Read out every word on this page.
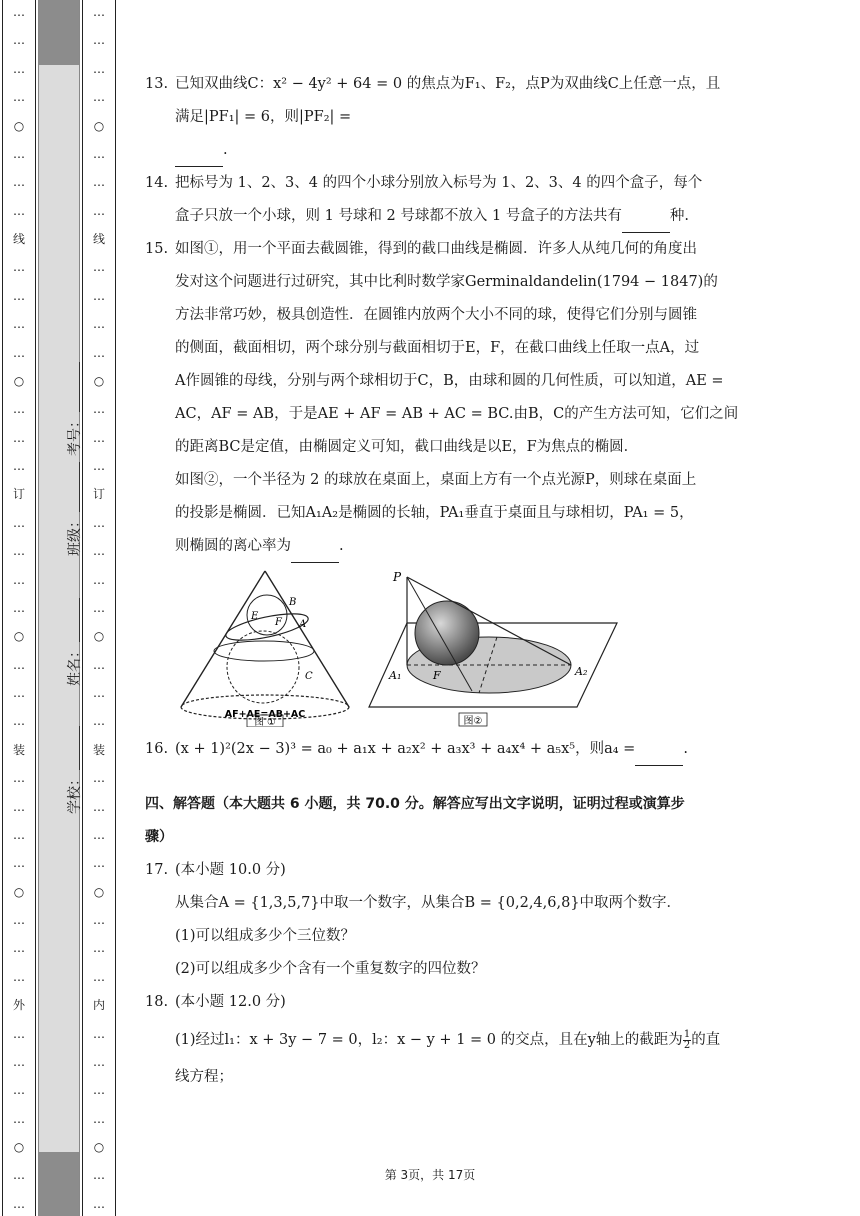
…
…
…
…
○
…
…
…
线
…
…
…
…
○
…
…
…
订
…
…
…
…
○
…
…
…
装
…
…
…
…
○
…
…
…
外
…
…
…
…
○
…
…
学校：
姓名：
班级：
考号：
…
…
…
…
○
…
…
…
线
…
…
…
…
○
…
…
…
订
…
…
…
…
○
…
…
…
装
…
…
…
…
○
…
…
…
内
…
…
…
…
○
…
…
13. 已知双曲线C：x² − 4y² + 64 = 0 的焦点为F₁、F₂，点P为双曲线C上任意一点，且
满足|PF₁| = 6，则|PF₂| =
.
14. 把标号为 1、2、3、4 的四个小球分别放入标号为 1、2、3、4 的四个盒子，每个
盒子只放一个小球，则 1 号球和 2 号球都不放入 1 号盒子的方法共有	种.
15. 如图①，用一个平面去截圆锥，得到的截口曲线是椭圆．许多人从纯几何的角度出
发对这个问题进行过研究，其中比利时数学家Germinaldandelin(1794 − 1847)的
方法非常巧妙，极具创造性．在圆锥内放两个大小不同的球，使得它们分别与圆锥
的侧面，截面相切，两个球分别与截面相切于E，F，在截口曲线上任取一点A，过
A作圆锥的母线，分别与两个球相切于C，B，由球和圆的几何性质，可以知道，AE =
AC，AF = AB，于是AE + AF = AB + AC = BC.由B，C的产生方法可知，它们之间
的距离BC是定值，由椭圆定义可知，截口曲线是以E，F为焦点的椭圆．
如图②，一个半径为 2 的球放在桌面上，桌面上方有一个点光源P，则球在桌面上
的投影是椭圆．已知A₁A₂是椭圆的长轴，PA₁垂直于桌面且与球相切，PA₁ = 5，
则椭圆的离心率为	.
B
E
F A
C
AF+AE=AB+AC
图 ①
P
A₁	F	A₂
图②
16. (x + 1)²(2x − 3)³ = a₀ + a₁x + a₂x² + a₃x³ + a₄x⁴ + a₅x⁵，则a₄ =	.
四、解答题（本大题共 6 小题，共 70.0 分。解答应写出文字说明，证明过程或演算步
骤）
17. (本小题 10.0 分)
从集合A = {1,3,5,7}中取一个数字，从集合B = {0,2,4,6,8}中取两个数字．
(1)可以组成多少个三位数？
(2)可以组成多少个含有一个重复数字的四位数？
18. (本小题 12.0 分)
(1)经过l₁：x + 3y − 7 = 0，l₂：x − y + 1 = 0 的交点，且在y轴上的截距为 $\frac{1}{2}$ 的直
线方程；
第 3页，共 17页
